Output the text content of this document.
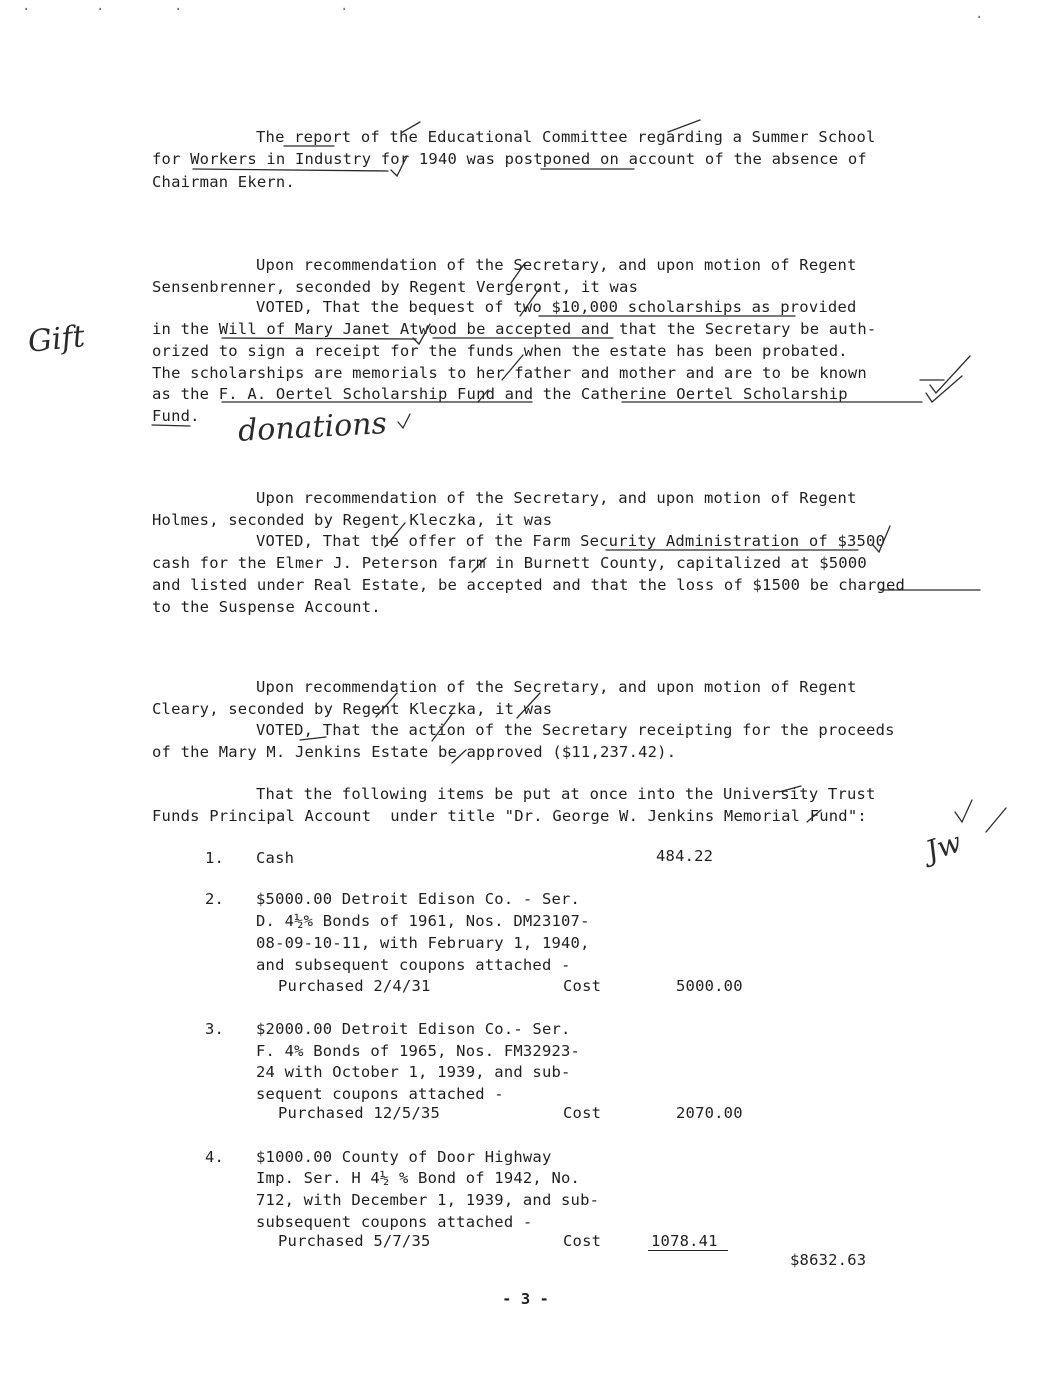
The report of the Educational Committee regarding a Summer School
for Workers in Industry for 1940 was postponed on account of the absence of
Chairman Ekern.
Upon recommendation of the Secretary, and upon motion of Regent
Sensenbrenner, seconded by Regent Vergeront, it was
VOTED, That the bequest of two $10,000 scholarships as provided
in the Will of Mary Janet Atwood be accepted and that the Secretary be auth-
orized to sign a receipt for the funds when the estate has been probated.
The scholarships are memorials to her father and mother and are to be known
as the F. A. Oertel Scholarship Fund and the Catherine Oertel Scholarship
Fund.
Upon recommendation of the Secretary, and upon motion of Regent
Holmes, seconded by Regent Kleczka, it was
VOTED, That the offer of the Farm Security Administration of $3500
cash for the Elmer J. Peterson farm in Burnett County, capitalized at $5000
and listed under Real Estate, be accepted and that the loss of $1500 be charged
to the Suspense Account.
Upon recommendation of the Secretary, and upon motion of Regent
Cleary, seconded by Regent Kleczka, it was
VOTED, That the action of the Secretary receipting for the proceeds
of the Mary M. Jenkins Estate be approved ($11,237.42).
That the following items be put at once into the University Trust
Funds Principal Account  under title "Dr. George W. Jenkins Memorial Fund":
1. Cash	484.22
2. $5000.00 Detroit Edison Co. - Ser.
D. 4½% Bonds of 1961, Nos. DM23107-
08-09-10-11, with February 1, 1940,
and subsequent coupons attached -
Purchased 2/4/31	Cost	5000.00
3. $2000.00 Detroit Edison Co.- Ser.
F. 4% Bonds of 1965, Nos. FM32923-
24 with October 1, 1939, and sub-
sequent coupons attached -
Purchased 12/5/35	Cost	2070.00
4. $1000.00 County of Door Highway
Imp. Ser. H 4½ % Bond of 1942, No.
712, with December 1, 1939, and sub-
subsequent coupons attached -
Purchased 5/7/35	Cost	1078.41
$8632.63
- 3 -
Gift
donations
Jw
·	·	·	·	·
